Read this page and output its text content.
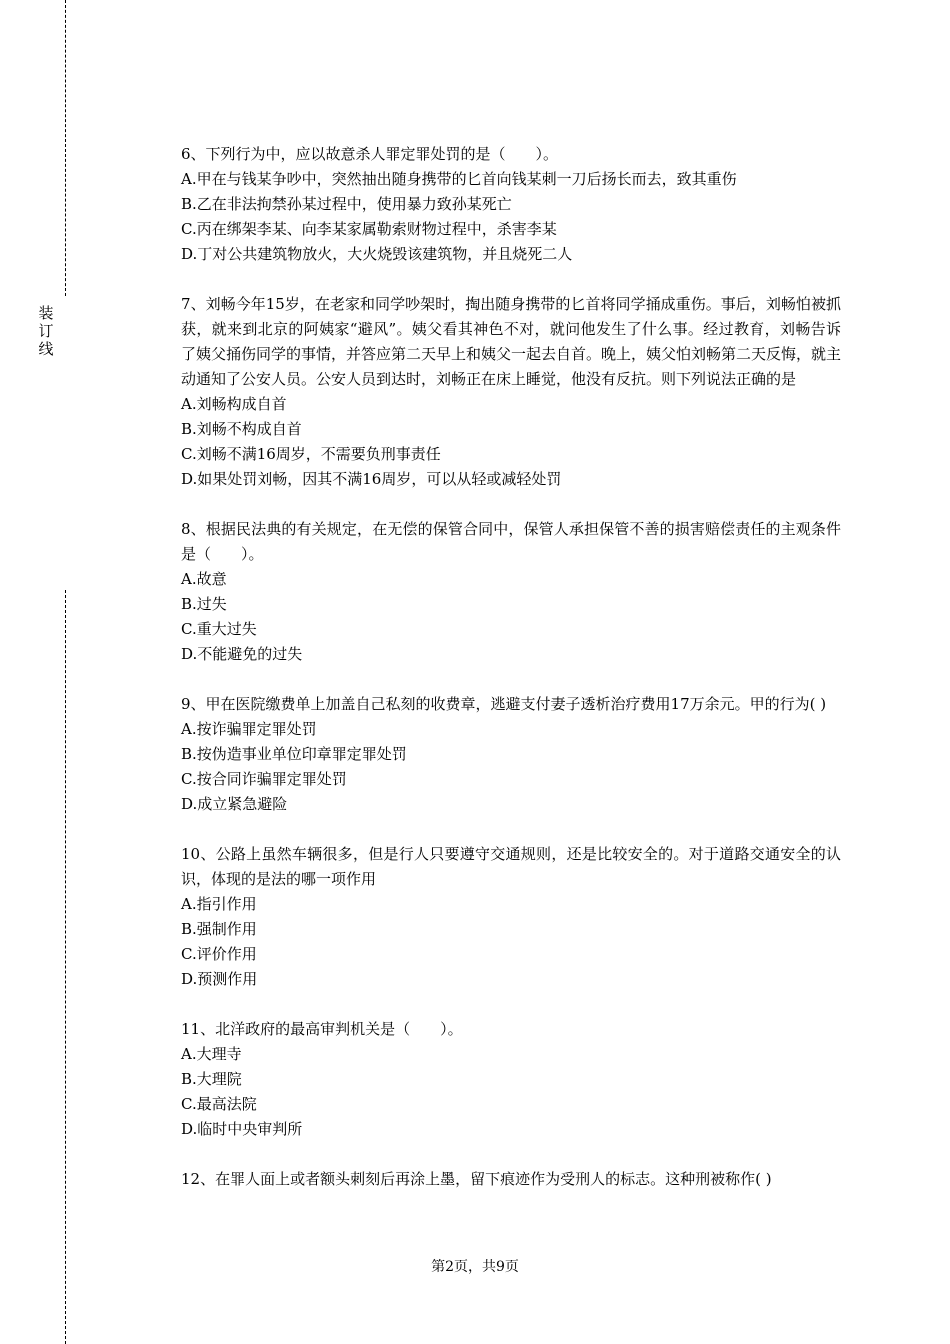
装
订
线

6、下列行为中，应以故意杀人罪定罪处罚的是（　　）。

A.甲在与钱某争吵中，突然抽出随身携带的匕首向钱某刺一刀后扬长而去，致其重伤

B.乙在非法拘禁孙某过程中，使用暴力致孙某死亡

C.丙在绑架李某、向李某家属勒索财物过程中，杀害李某

D.丁对公共建筑物放火，大火烧毁该建筑物，并且烧死二人

7、刘畅今年15岁，在老家和同学吵架时，掏出随身携带的匕首将同学捅成重伤。事后，刘畅怕被抓获，就来到北京的阿姨家“避风”。姨父看其神色不对，就问他发生了什么事。经过教育，刘畅告诉了姨父捅伤同学的事情，并答应第二天早上和姨父一起去自首。晚上，姨父怕刘畅第二天反悔，就主动通知了公安人员。公安人员到达时，刘畅正在床上睡觉，他没有反抗。则下列说法正确的是

A.刘畅构成自首

B.刘畅不构成自首

C.刘畅不满16周岁，不需要负刑事责任

D.如果处罚刘畅，因其不满16周岁，可以从轻或减轻处罚

8、根据民法典的有关规定，在无偿的保管合同中，保管人承担保管不善的损害赔偿责任的主观条件是（　　）。

A.故意

B.过失

C.重大过失

D.不能避免的过失

9、甲在医院缴费单上加盖自己私刻的收费章，逃避支付妻子透析治疗费用17万余元。甲的行为( )

A.按诈骗罪定罪处罚

B.按伪造事业单位印章罪定罪处罚

C.按合同诈骗罪定罪处罚

D.成立紧急避险

10、公路上虽然车辆很多，但是行人只要遵守交通规则，还是比较安全的。对于道路交通安全的认识，体现的是法的哪一项作用

A.指引作用

B.强制作用

C.评价作用

D.预测作用

11、北洋政府的最高审判机关是（　　）。

A.大理寺

B.大理院

C.最高法院

D.临时中央审判所

12、在罪人面上或者额头刺刻后再涂上墨，留下痕迹作为受刑人的标志。这种刑被称作( )

第2页，共9页
